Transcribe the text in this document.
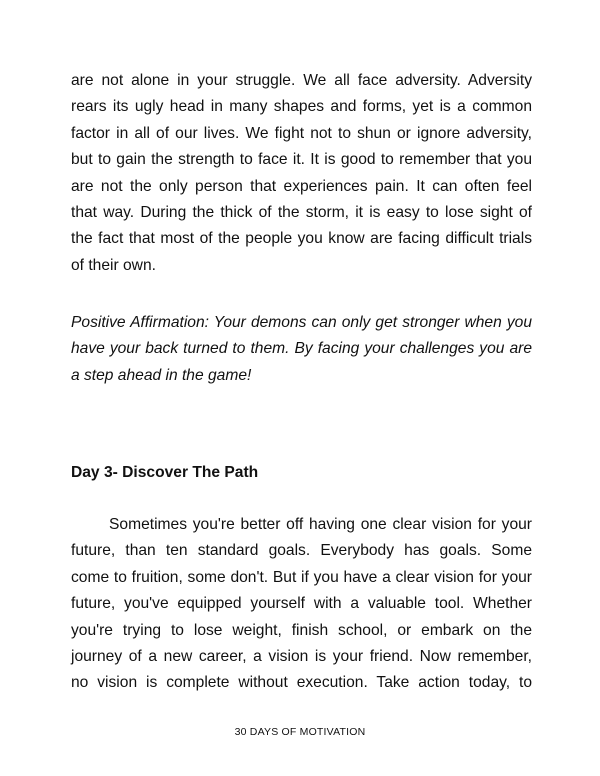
are not alone in your struggle. We all face adversity. Adversity
rears its ugly head in many shapes and forms, yet is a common
factor in all of our lives. We fight not to shun or ignore adversity,
but to gain the strength to face it. It is good to remember that you
are not the only person that experiences pain. It can often feel
that way. During the thick of the storm, it is easy to lose sight of
the fact that most of the people you know are facing difficult trials
of their own.
Positive Affirmation: Your demons can only get stronger when you
have your back turned to them. By facing your challenges you are
a step ahead in the game!
Day 3- Discover The Path
Sometimes you're better off having one clear vision for your
future, than ten standard goals. Everybody has goals. Some
come to fruition, some don't. But if you have a clear vision for your
future, you've equipped yourself with a valuable tool. Whether
you're trying to lose weight, finish school, or embark on the
journey of a new career, a vision is your friend. Now remember,
no vision is complete without execution. Take action today, to

30 DAYS OF MOTIVATION
